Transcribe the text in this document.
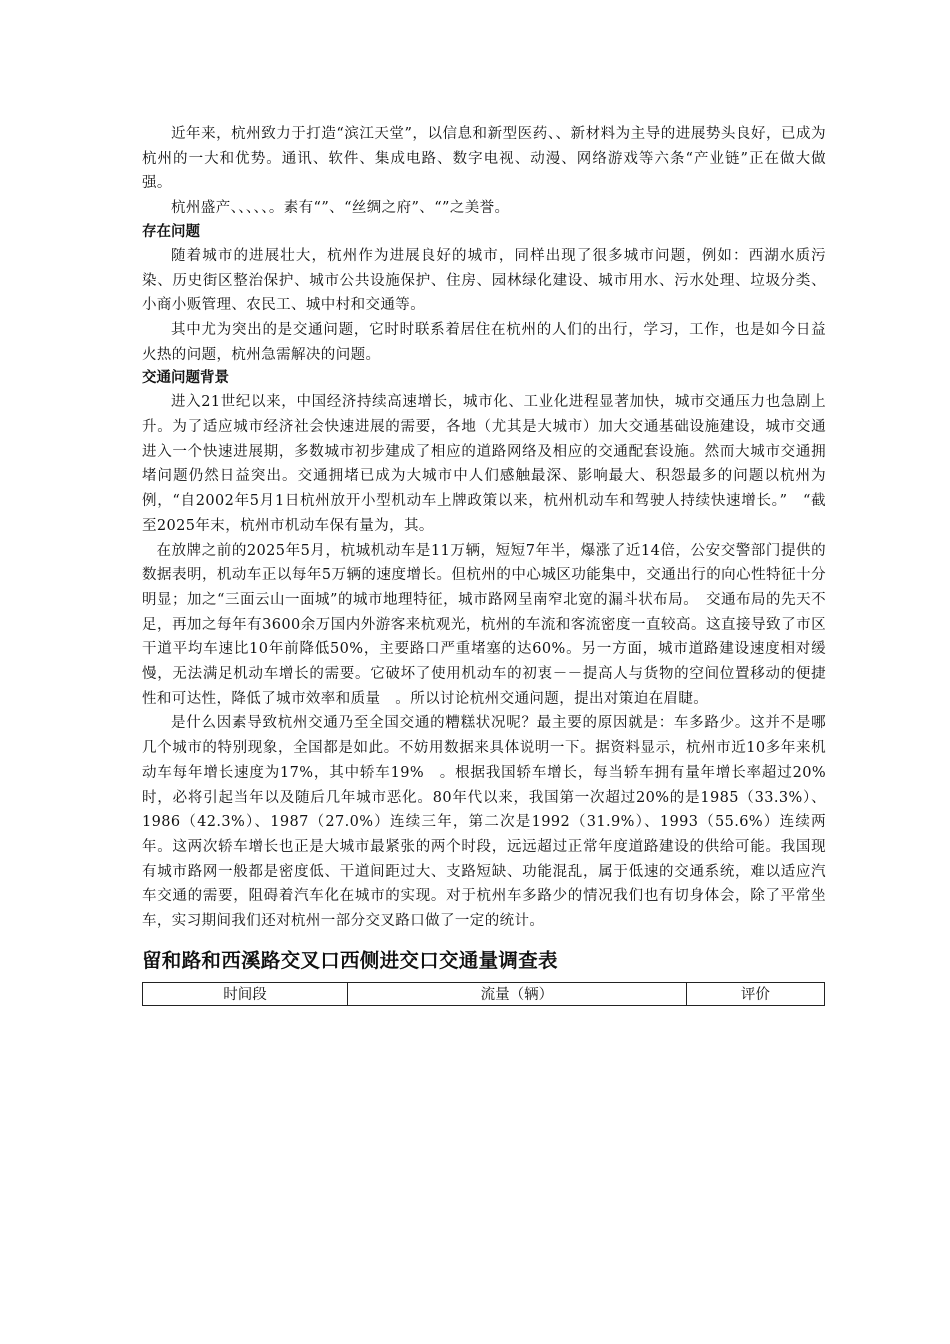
近年来，杭州致力于打造“滨江天堂”，以信息和新型医药、、新材料为主导的进展势头良好，已成为杭州的一大和优势。通讯、软件、集成电路、数字电视、动漫、网络游戏等六条“产业链”正在做大做强。

杭州盛产、、、、、。素有“”、“丝绸之府”、“”之美誉。

存在问题

随着城市的进展壮大，杭州作为进展良好的城市，同样出现了很多城市问题，例如：西湖水质污染、历史街区整治保护、城市公共设施保护、住房、园林绿化建设、城市用水、污水处理、垃圾分类、小商小贩管理、农民工、城中村和交通等。

其中尤为突出的是交通问题，它时时联系着居住在杭州的人们的出行，学习，工作，也是如今日益火热的问题，杭州急需解决的问题。

交通问题背景

进入21世纪以来，中国经济持续高速增长，城市化、工业化进程显著加快，城市交通压力也急剧上升。为了适应城市经济社会快速进展的需要，各地（尤其是大城市）加大交通基础设施建设，城市交通进入一个快速进展期，多数城市初步建成了相应的道路网络及相应的交通配套设施。然而大城市交通拥堵问题仍然日益突出。交通拥堵已成为大城市中人们感触最深、影响最大、积怨最多的问题以杭州为例，“自2002年5月1日杭州放开小型机动车上牌政策以来，杭州机动车和驾驶人持续快速增长。”　“截至2025年末，杭州市机动车保有量为，其。

在放牌之前的2025年5月，杭城机动车是11万辆，短短7年半，爆涨了近14倍，公安交警部门提供的数据表明，机动车正以每年5万辆的速度增长。但杭州的中心城区功能集中，交通出行的向心性特征十分明显；加之“三面云山一面城”的城市地理特征，城市路网呈南窄北宽的漏斗状布局。　交通布局的先天不足，再加之每年有3600余万国内外游客来杭观光，杭州的车流和客流密度一直较高。这直接导致了市区干道平均车速比10年前降低50%，主要路口严重堵塞的达60%。另一方面，城市道路建设速度相对缓慢，无法满足机动车增长的需要。它破坏了使用机动车的初衷－－提高人与货物的空间位置移动的便捷性和可达性，降低了城市效率和质量　。所以讨论杭州交通问题，提出对策迫在眉睫。

是什么因素导致杭州交通乃至全国交通的糟糕状况呢？最主要的原因就是：车多路少。这并不是哪几个城市的特别现象，全国都是如此。不妨用数据来具体说明一下。据资料显示，杭州市近10多年来机动车每年增长速度为17%，其中轿车19%　。根据我国轿车增长，每当轿车拥有量年增长率超过20%时，必将引起当年以及随后几年城市恶化。80年代以来，我国第一次超过20%的是1985（33.3%）、1986（42.3%）、1987（27.0%）连续三年，第二次是1992（31.9%）、1993（55.6%）连续两年。这两次轿车增长也正是大城市最紧张的两个时段，远远超过正常年度道路建设的供给可能。我国现有城市路网一般都是密度低、干道间距过大、支路短缺、功能混乱，属于低速的交通系统，难以适应汽车交通的需要，阻碍着汽车化在城市的实现。对于杭州车多路少的情况我们也有切身体会，除了平常坐车，实习期间我们还对杭州一部分交叉路口做了一定的统计。

留和路和西溪路交叉口西侧进交口交通量调查表
时间段	流量（辆）	评价
